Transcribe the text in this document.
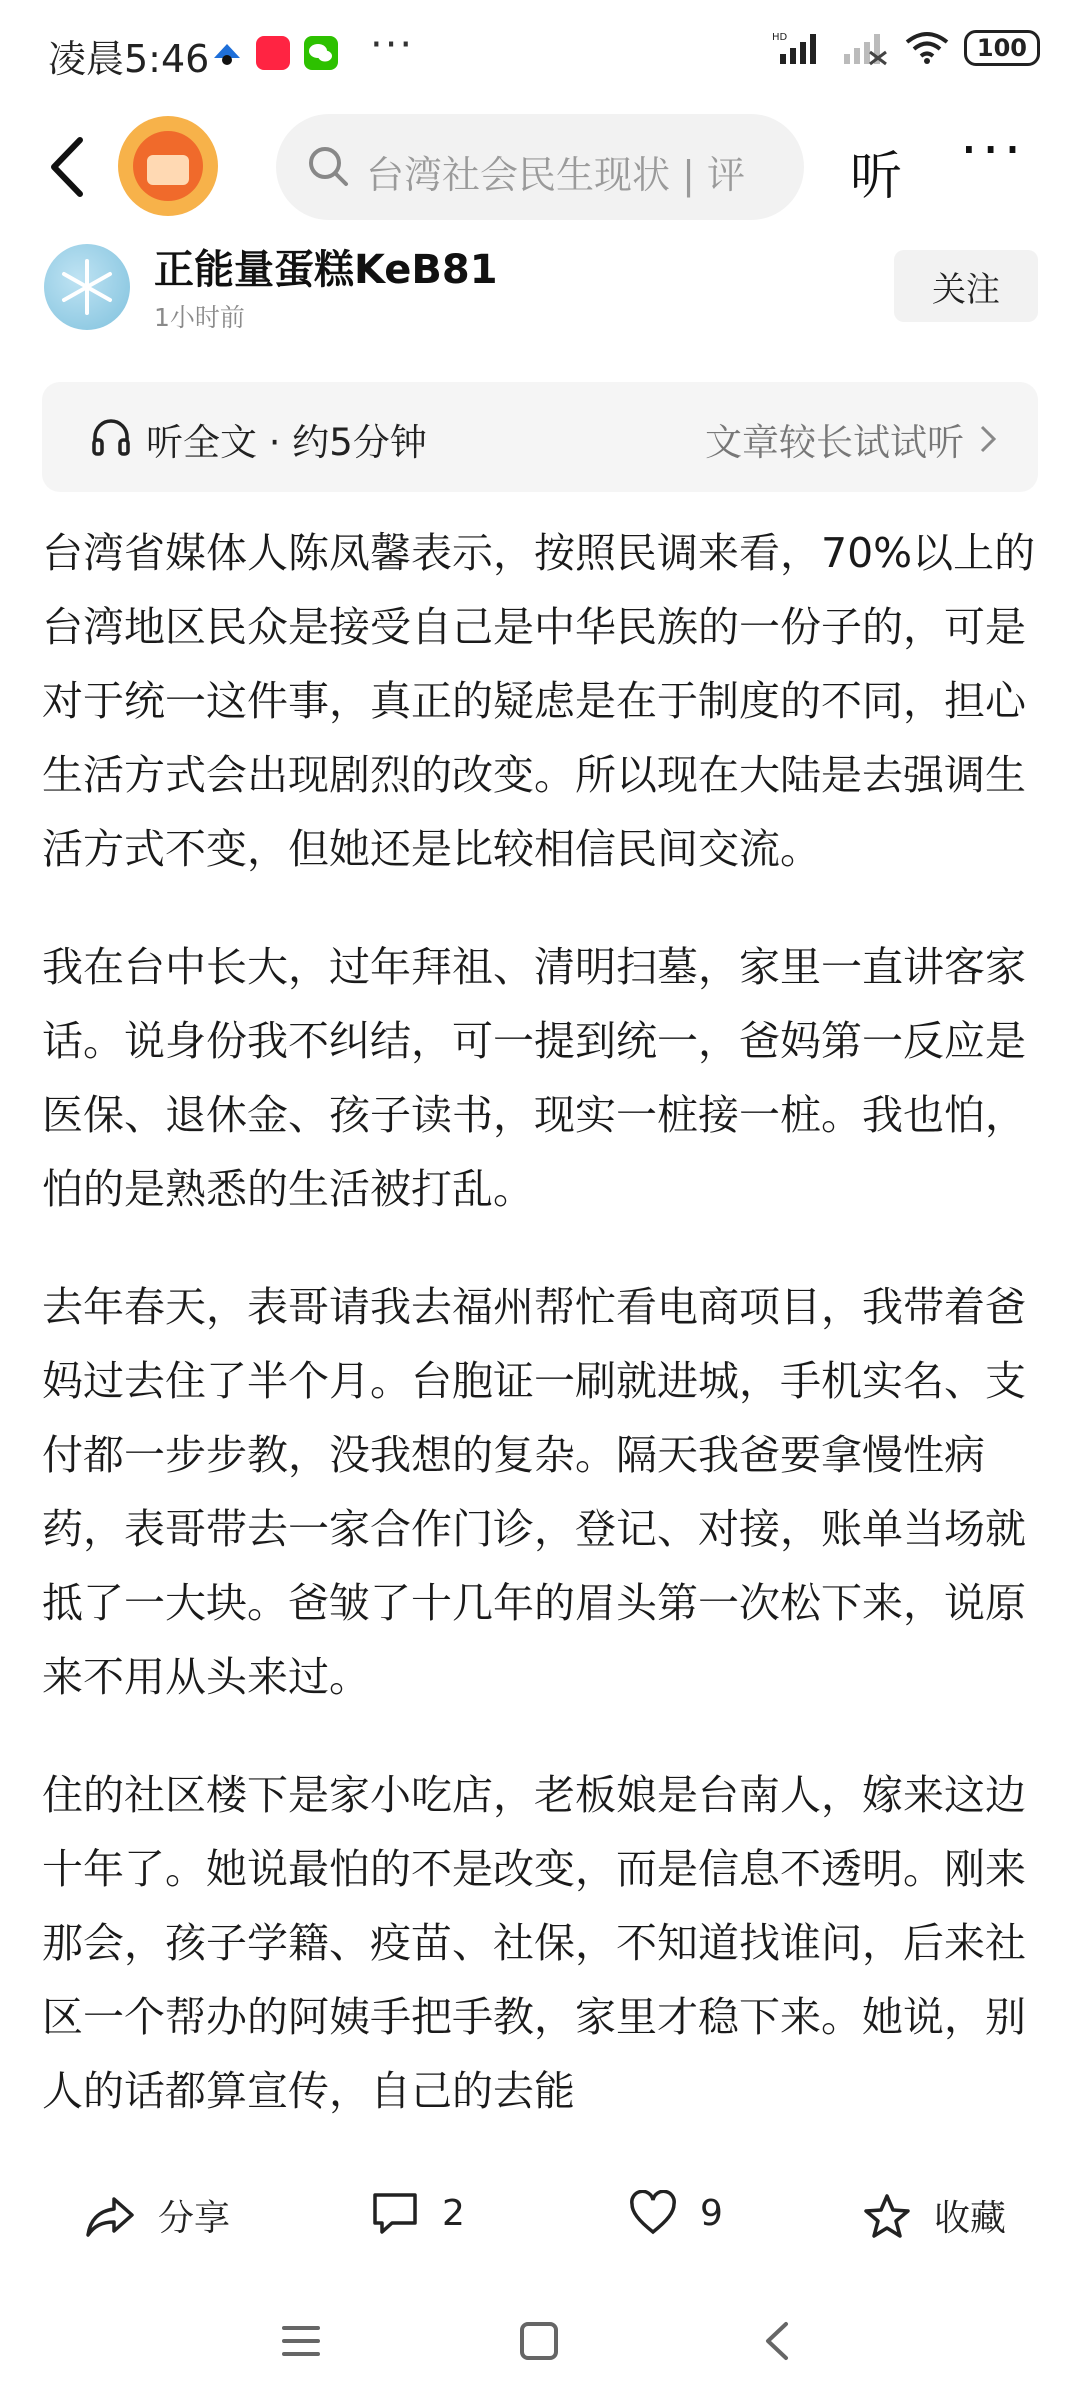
凌晨5:46	···	HD	100
台湾社会民生现状 | 评	听 ···
正能量蛋糕KeB81
1小时前
关注
听全文 · 约5分钟	文章较长试试听

台湾省媒体人陈凤馨表示，按照民调来看，70%以上的台湾地区民众是接受自己是中华民族的一份子的，可是对于统一这件事，真正的疑虑是在于制度的不同，担心生活方式会出现剧烈的改变。所以现在大陆是去强调生活方式不变，但她还是比较相信民间交流。

我在台中长大，过年拜祖、清明扫墓，家里一直讲客家话。说身份我不纠结，可一提到统一，爸妈第一反应是医保、退休金、孩子读书，现实一桩接一桩。我也怕，怕的是熟悉的生活被打乱。

去年春天，表哥请我去福州帮忙看电商项目，我带着爸妈过去住了半个月。台胞证一刷就进城，手机实名、支付都一步步教，没我想的复杂。隔天我爸要拿慢性病药，表哥带去一家合作门诊，登记、对接，账单当场就抵了一大块。爸皱了十几年的眉头第一次松下来，说原来不用从头来过。

住的社区楼下是家小吃店，老板娘是台南人，嫁来这边十年了。她说最怕的不是改变，而是信息不透明。刚来那会，孩子学籍、疫苗、社保，不知道找谁问，后来社区一个帮办的阿姨手把手教，家里才稳下来。她说，别人的话都算宣传，自己的去能

分享	2	9	收藏
